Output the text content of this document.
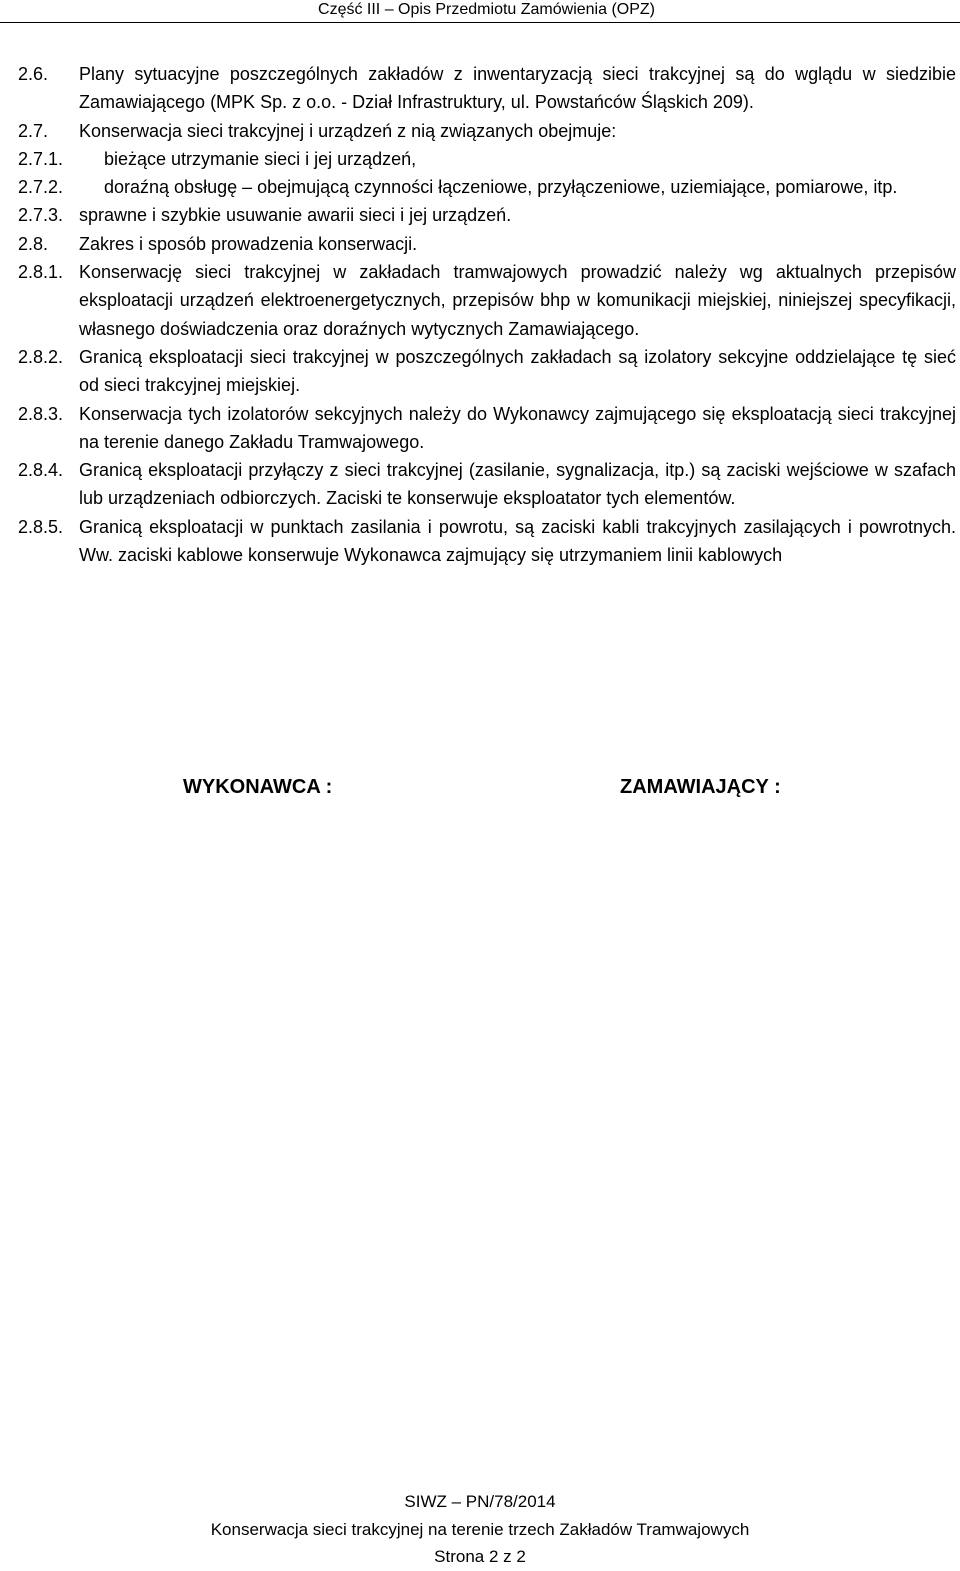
Część III – Opis Przedmiotu Zamówienia (OPZ)

2.6.	Plany sytuacyjne poszczególnych zakładów z inwentaryzacją sieci trakcyjnej są do wglądu w siedzibie Zamawiającego (MPK Sp. z o.o. - Dział Infrastruktury, ul. Powstańców Śląskich 209).

2.7.	Konserwacja sieci trakcyjnej i urządzeń z nią związanych obejmuje:

2.7.1.	bieżące utrzymanie sieci i jej urządzeń,

2.7.2.	doraźną obsługę – obejmującą czynności łączeniowe, przyłączeniowe, uziemiające, pomiarowe, itp.

2.7.3. sprawne i szybkie usuwanie awarii sieci i jej urządzeń.

2.8.	Zakres i sposób prowadzenia konserwacji.

2.8.1. Konserwację sieci trakcyjnej w zakładach tramwajowych prowadzić należy wg aktualnych przepisów eksploatacji urządzeń elektroenergetycznych, przepisów bhp w komunikacji miejskiej, niniejszej specyfikacji, własnego doświadczenia oraz doraźnych wytycznych Zamawiającego.

2.8.2. Granicą eksploatacji sieci trakcyjnej w poszczególnych zakładach są izolatory sekcyjne oddzielające tę sieć od sieci trakcyjnej miejskiej.

2.8.3. Konserwacja tych izolatorów sekcyjnych należy do Wykonawcy zajmującego się eksploatacją sieci trakcyjnej na terenie danego Zakładu Tramwajowego.

2.8.4. Granicą eksploatacji przyłączy z sieci trakcyjnej (zasilanie, sygnalizacja, itp.) są zaciski wejściowe w szafach lub urządzeniach odbiorczych. Zaciski te konserwuje eksploatator tych elementów.

2.8.5. Granicą eksploatacji w punktach zasilania i powrotu, są zaciski kabli trakcyjnych zasilających i powrotnych. Ww. zaciski kablowe konserwuje Wykonawca zajmujący się utrzymaniem linii kablowych

WYKONAWCA :	ZAMAWIAJĄCY :
SIWZ – PN/78/2014
Konserwacja sieci trakcyjnej na terenie trzech Zakładów Tramwajowych
Strona 2 z 2
